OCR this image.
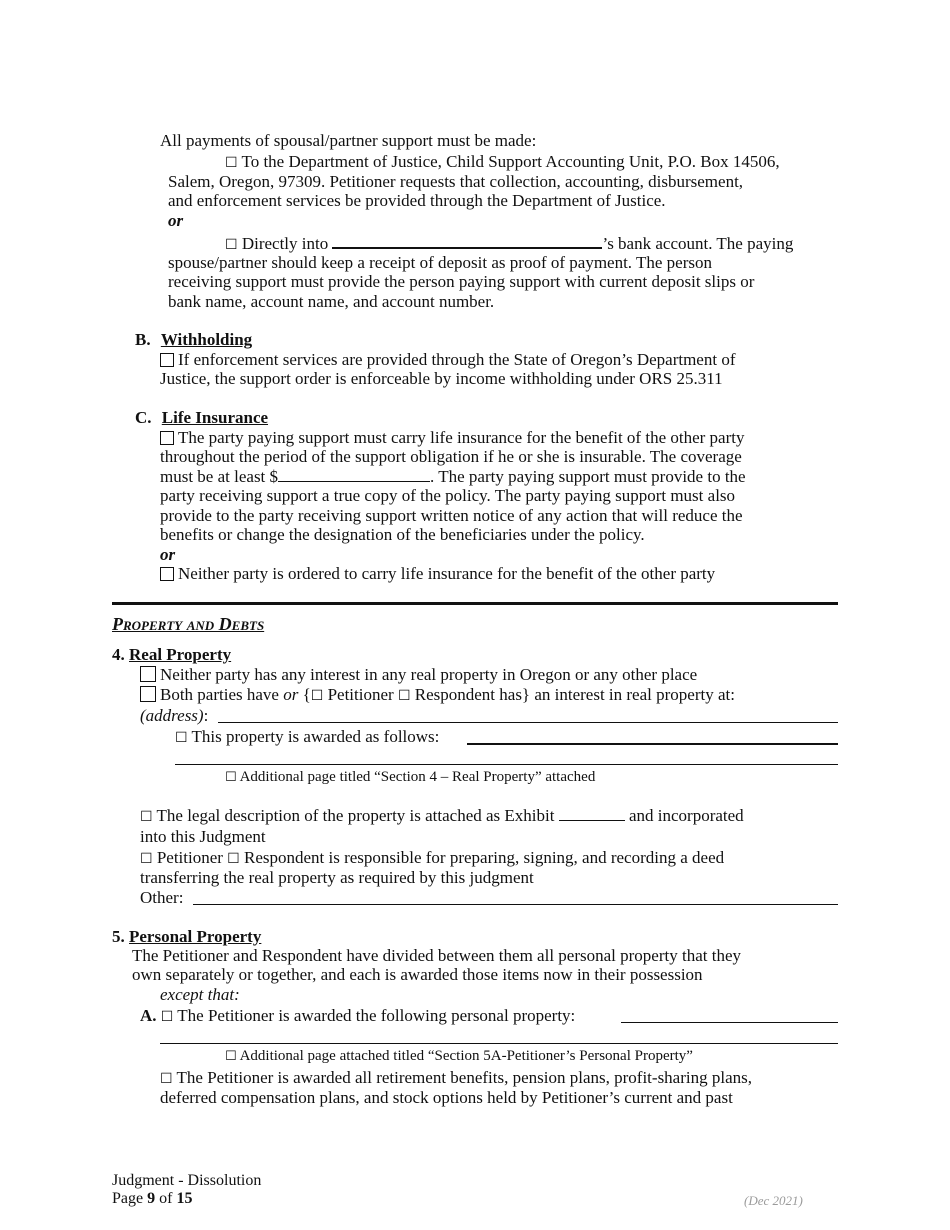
All payments of spousal/partner support must be made:
☐ To the Department of Justice, Child Support Accounting Unit, P.O. Box 14506,
Salem, Oregon, 97309. Petitioner requests that collection, accounting, disbursement,
and enforcement services be provided through the Department of Justice.
or
☐ Directly into	’s bank account. The paying
spouse/partner should keep a receipt of deposit as proof of payment. The person
receiving support must provide the person paying support with current deposit slips or
bank name, account name, and account number.
B. Withholding
If enforcement services are provided through the State of Oregon’s Department of
Justice, the support order is enforceable by income withholding under ORS 25.311
C. Life Insurance
The party paying support must carry life insurance for the benefit of the other party
throughout the period of the support obligation if he or she is insurable. The coverage
must be at least $	. The party paying support must provide to the
party receiving support a true copy of the policy. The party paying support must also
provide to the party receiving support written notice of any action that will reduce the
benefits or change the designation of the beneficiaries under the policy.
or
Neither party is ordered to carry life insurance for the benefit of the other party
Property and Debts
4. Real Property
Neither party has any interest in any real property in Oregon or any other place
Both parties have or {☐ Petitioner ☐ Respondent has} an interest in real property at:
(address):
☐ This property is awarded as follows:
☐ Additional page titled “Section 4 – Real Property” attached
☐ The legal description of the property is attached as Exhibit	and incorporated
into this Judgment
☐ Petitioner ☐ Respondent is responsible for preparing, signing, and recording a deed
transferring the real property as required by this judgment
Other:
5. Personal Property
The Petitioner and Respondent have divided between them all personal property that they
own separately or together, and each is awarded those items now in their possession
except that:
A. ☐ The Petitioner is awarded the following personal property:
☐ Additional page attached titled “Section 5A-Petitioner’s Personal Property”
☐ The Petitioner is awarded all retirement benefits, pension plans, profit-sharing plans,
deferred compensation plans, and stock options held by Petitioner’s current and past
Judgment - Dissolution
Page 9 of 15	(Dec 2021)
